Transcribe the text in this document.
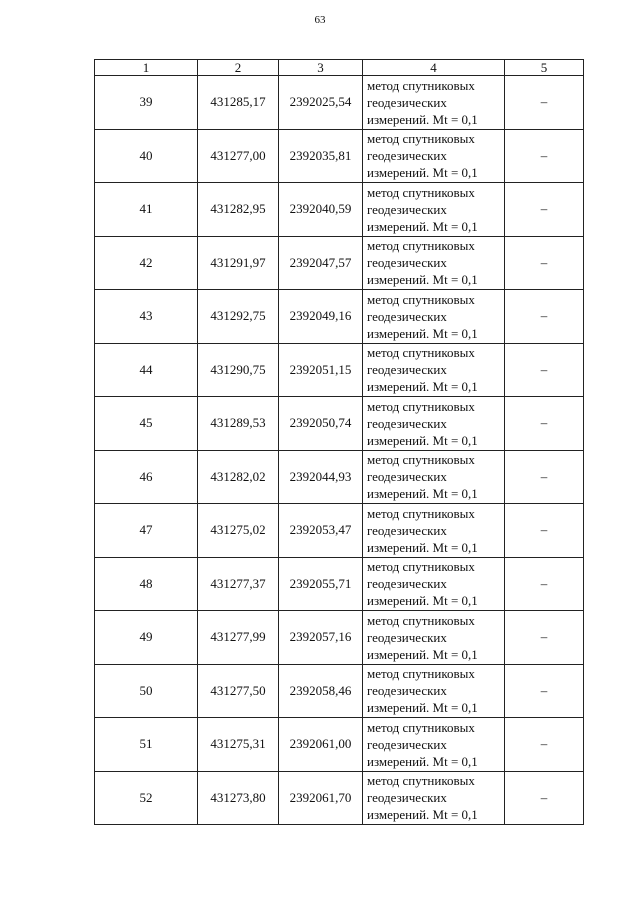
63
1	2	3	4	5
39	431285,17	2392025,54	метод спутниковых
геодезических
измерений. Mt = 0,1	–
40	431277,00	2392035,81	метод спутниковых
геодезических
измерений. Mt = 0,1	–
41	431282,95	2392040,59	метод спутниковых
геодезических
измерений. Mt = 0,1	–
42	431291,97	2392047,57	метод спутниковых
геодезических
измерений. Mt = 0,1	–
43	431292,75	2392049,16	метод спутниковых
геодезических
измерений. Mt = 0,1	–
44	431290,75	2392051,15	метод спутниковых
геодезических
измерений. Mt = 0,1	–
45	431289,53	2392050,74	метод спутниковых
геодезических
измерений. Mt = 0,1	–
46	431282,02	2392044,93	метод спутниковых
геодезических
измерений. Mt = 0,1	–
47	431275,02	2392053,47	метод спутниковых
геодезических
измерений. Mt = 0,1	–
48	431277,37	2392055,71	метод спутниковых
геодезических
измерений. Mt = 0,1	–
49	431277,99	2392057,16	метод спутниковых
геодезических
измерений. Mt = 0,1	–
50	431277,50	2392058,46	метод спутниковых
геодезических
измерений. Mt = 0,1	–
51	431275,31	2392061,00	метод спутниковых
геодезических
измерений. Mt = 0,1	–
52	431273,80	2392061,70	метод спутниковых
геодезических
измерений. Mt = 0,1	–
